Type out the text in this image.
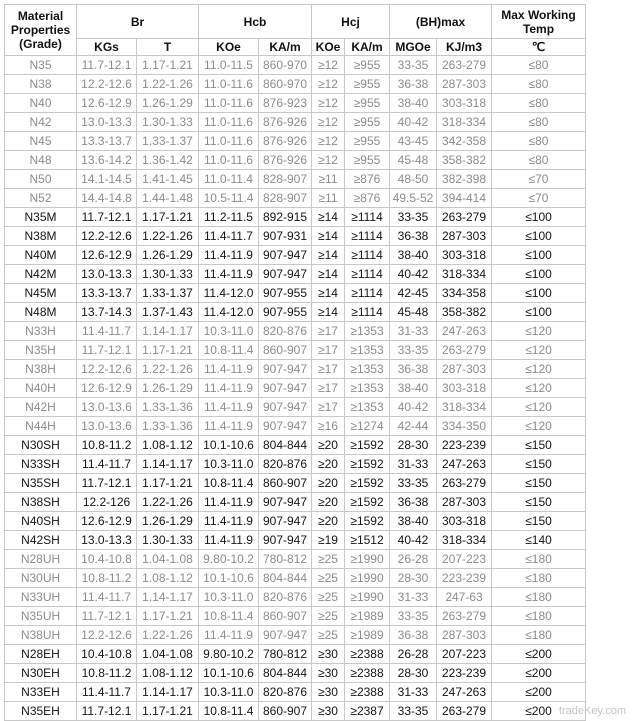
Material Properties (Grade)	Br		Hcb		Hcj		(BH)max		Max Working Temp
	KGs	T	KOe	KA/m	KOe	KA/m	MGOe	KJ/m3	℃
N35	11.7-12.1	1.17-1.21	11.0-11.5	860-970	≥12	≥955	33-35	263-279	≤80
N38	12.2-12.6	1.22-1.26	11.0-11.6	860-970	≥12	≥955	36-38	287-303	≤80
N40	12.6-12.9	1.26-1.29	11.0-11.6	876-923	≥12	≥955	38-40	303-318	≤80
N42	13.0-13.3	1.30-1.33	11.0-11.6	876-926	≥12	≥955	40-42	318-334	≤80
N45	13.3-13.7	1.33-1.37	11.0-11.6	876-926	≥12	≥955	43-45	342-358	≤80
N48	13.6-14.2	1.36-1.42	11.0-11.6	876-926	≥12	≥955	45-48	358-382	≤80
N50	14.1-14.5	1.41-1.45	11.0-11.4	828-907	≥11	≥876	48-50	382-398	≤70
N52	14.4-14.8	1.44-1.48	10.5-11.4	828-907	≥11	≥876	49.5-52	394-414	≤70
N35M	11.7-12.1	1.17-1.21	11.2-11.5	892-915	≥14	≥1114	33-35	263-279	≤100
N38M	12.2-12.6	1.22-1.26	11.4-11.7	907-931	≥14	≥1114	36-38	287-303	≤100
N40M	12.6-12.9	1.26-1.29	11.4-11.9	907-947	≥14	≥1114	38-40	303-318	≤100
N42M	13.0-13.3	1.30-1.33	11.4-11.9	907-947	≥14	≥1114	40-42	318-334	≤100
N45M	13.3-13.7	1.33-1.37	11.4-12.0	907-955	≥14	≥1114	42-45	334-358	≤100
N48M	13.7-14.3	1.37-1.43	11.4-12.0	907-955	≥14	≥1114	45-48	358-382	≤100
N33H	11.4-11.7	1.14-1.17	10.3-11.0	820-876	≥17	≥1353	31-33	247-263	≤120
N35H	11.7-12.1	1.17-1.21	10.8-11.4	860-907	≥17	≥1353	33-35	263-279	≤120
N38H	12.2-12.6	1.22-1.26	11.4-11.9	907-947	≥17	≥1353	36-38	287-303	≤120
N40H	12.6-12.9	1.26-1.29	11.4-11.9	907-947	≥17	≥1353	38-40	303-318	≤120
N42H	13.0-13.6	1.33-1.36	11.4-11.9	907-947	≥17	≥1353	40-42	318-334	≤120
N44H	13.0-13.6	1.33-1.36	11.4-11.9	907-947	≥16	≥1274	42-44	334-350	≤120
N30SH	10.8-11.2	1.08-1.12	10.1-10.6	804-844	≥20	≥1592	28-30	223-239	≤150
N33SH	11.4-11.7	1.14-1.17	10.3-11.0	820-876	≥20	≥1592	31-33	247-263	≤150
N35SH	11.7-12.1	1.17-1.21	10.8-11.4	860-907	≥20	≥1592	33-35	263-279	≤150
N38SH	12.2-126	1.22-1.26	11.4-11.9	907-947	≥20	≥1592	36-38	287-303	≤150
N40SH	12.6-12.9	1.26-1.29	11.4-11.9	907-947	≥20	≥1592	38-40	303-318	≤150
N42SH	13.0-13.3	1.30-1.33	11.4-11.9	907-947	≥19	≥1512	40-42	318-334	≤140
N28UH	10.4-10.8	1.04-1.08	9.80-10.2	780-812	≥25	≥1990	26-28	207-223	≤180
N30UH	10.8-11.2	1.08-1.12	10.1-10.6	804-844	≥25	≥1990	28-30	223-239	≤180
N33UH	11.4-11.7	1.14-1.17	10.3-11.0	820-876	≥25	≥1990	31-33	247-63	≤180
N35UH	11.7-12.1	1.17-1.21	10.8-11.4	860-907	≥25	≥1989	33-35	263-279	≤180
N38UH	12.2-12.6	1.22-1.26	11.4-11.9	907-947	≥25	≥1989	36-38	287-303	≤180
N28EH	10.4-10.8	1.04-1.08	9.80-10.2	780-812	≥30	≥2388	26-28	207-223	≤200
N30EH	10.8-11.2	1.08-1.12	10.1-10.6	804-844	≥30	≥2388	28-30	223-239	≤200
N33EH	11.4-11.7	1.14-1.17	10.3-11.0	820-876	≥30	≥2388	31-33	247-263	≤200
N35EH	11.7-12.1	1.17-1.21	10.8-11.4	860-907	≥30	≥2387	33-35	263-279	≤200 tradeKey.com
